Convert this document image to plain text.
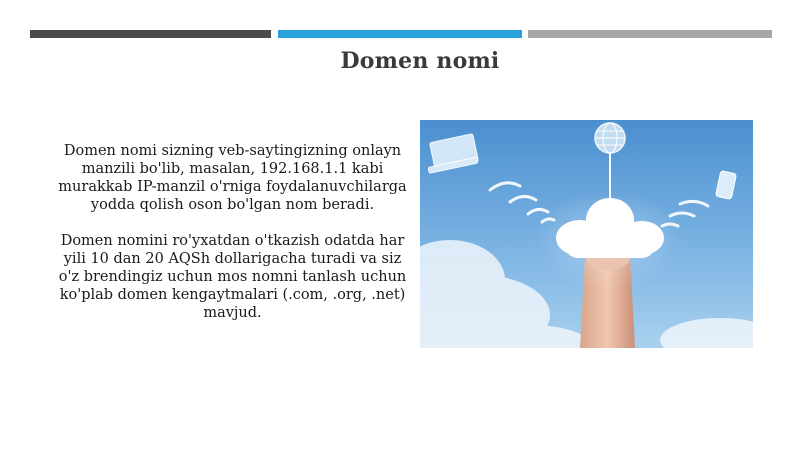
Domen nomi
Domen nomi sizning veb-saytingizning onlayn manzili bo'lib, masalan, 192.168.1.1 kabi murakkab IP-manzil o'rniga foydalanuvchilarga yodda qolish oson bo'lgan nom beradi.
Domen nomini ro'yxatdan o'tkazish odatda har yili 10 dan 20 AQSh dollarigacha turadi va siz o'z brendingiz uchun mos nomni tanlash uchun ko'plab domen kengaytmalari (.com, .org, .net) mavjud.
